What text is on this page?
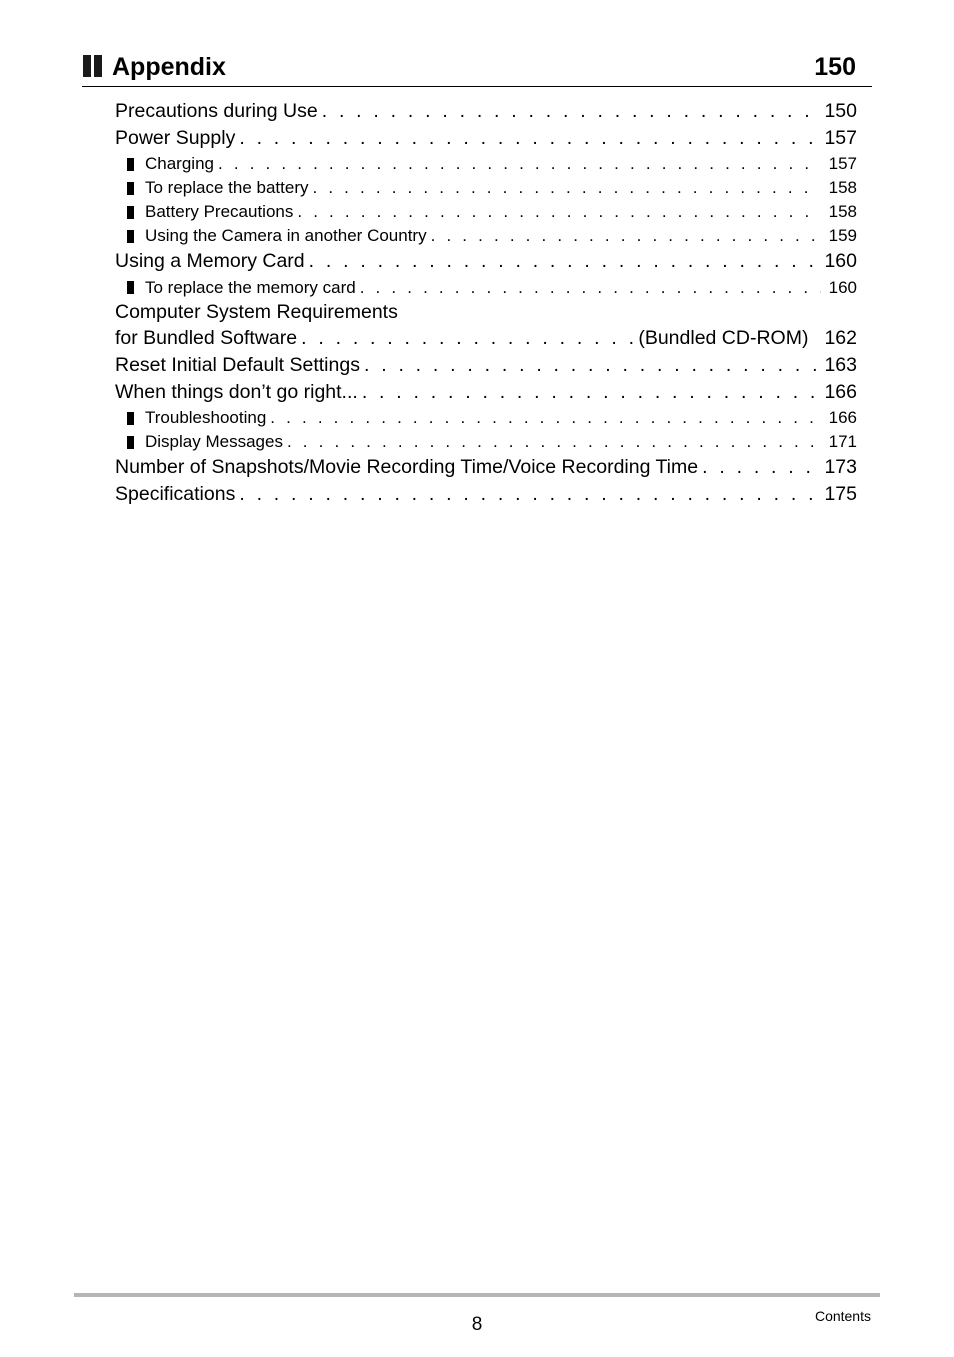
Appendix	150
Precautions during Use . . .	150
Power Supply . . .	157
Charging . . .	157
To replace the battery . . .	158
Battery Precautions . . .	158
Using the Camera in another Country . . .	159
Using a Memory Card . . .	160
To replace the memory card . . .	160
Computer System Requirements
for Bundled Software . . .	(Bundled CD-ROM) 162
Reset Initial Default Settings . . .	163
When things don’t go right... . . .	166
Troubleshooting . . .	166
Display Messages . . .	171
Number of Snapshots/Movie Recording Time/Voice Recording Time . . .	173
Specifications . . .	175
8	Contents
